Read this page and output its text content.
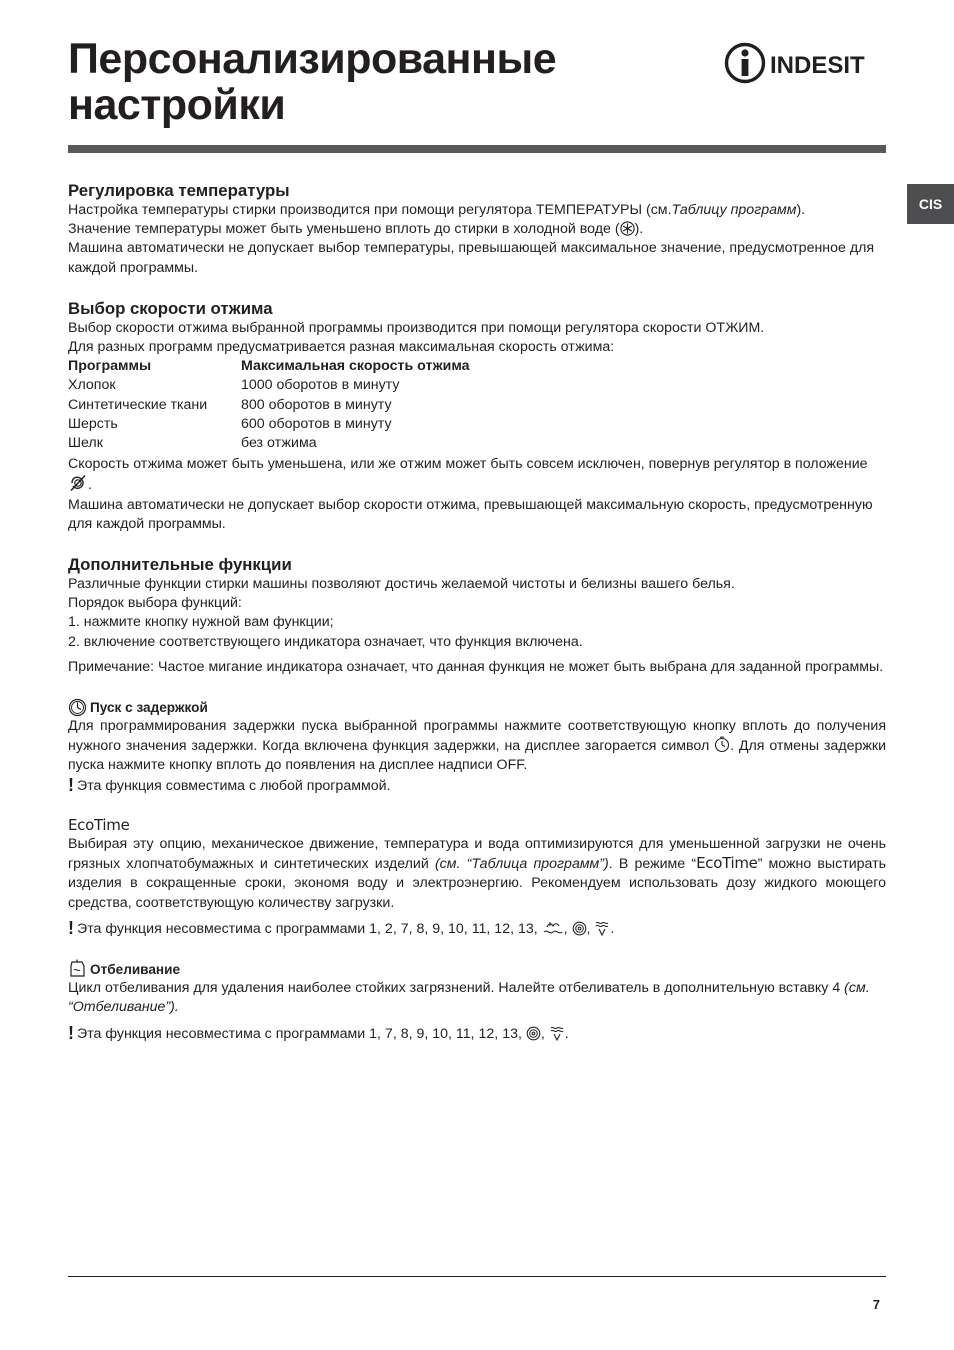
Персонализированные
настройки
INDESIT
CIS
Регулировка температуры

Настройка температуры стирки производится при помощи регулятора ТЕМПЕРАТУРЫ (см.Таблицу программ).

Значение температуры может быть уменьшено вплоть до стирки в холодной воде ( ).

Машина автоматически не допускает выбор температуры, превышающей максимальное значение, предусмотренное для каждой программы.

Выбор скорости отжима

Выбор скорости отжима выбранной программы производится при помощи регулятора скорости ОТЖИМ.

Для разных программ предусматривается разная максимальная скорость отжима:

Программы	Максимальная скорость отжима
Хлопок	1000 оборотов в минуту
Синтетические ткани	800 оборотов в минуту
Шерсть	600 оборотов в минуту
Шелк	без отжима

Скорость отжима может быть уменьшена, или же отжим может быть совсем исключен, повернув регулятор в положение .

Машина автоматически не допускает выбор скорости отжима, превышающей максимальную скорость, предусмотренную для каждой проrраммы.

Дополнительные функции

Различные функции стирки машины позволяют достичь желаемой чистоты и белизны вашего белья.

Порядок выбора функций:

1. нажмите кнопку нужной вам функции;

2. включение соответствующего индикатора означает, что функция включена.

Примечание: Частое мигание индикатора означает, что данная функция не может быть выбрана для заданной программы.

Пуск с задержкой

Для программирования задержки пуска выбранной программы нажмите соответствующую кнопку вплоть до получения нужного значения задержки. Когда включена функция задержки, на дисплее загорается символ . Для отмены задержки пуска нажмите кнопку вплоть до появления на дисплее надписи OFF.

! Эта функция совместима с любой программой.

EcoTime

Выбирая эту опцию, механическое движение, температура и вода оптимизируются для уменьшенной загрузки не очень грязных хлопчатобумажных и синтетических изделий (см. “Таблица программ”). В режиме “EcoTime” можно выстирать изделия в сокращенные сроки, экономя воду и электроэнергию. Рекомендуем использовать дозу жидкого моющего средства, соответствующую количеству загрузки.

! Эта функция несовместима с программами 1, 2, 7, 8, 9, 10, 11, 12, 13, , , .

Отбеливание

Цикл отбеливания для удаления наиболее стойких загрязнений. Налейте отбеливатель в дополнительную вставку 4 (см. “Отбеливание”).

! Эта функция несовместима с программами 1, 7, 8, 9, 10, 11, 12, 13, , .

7
